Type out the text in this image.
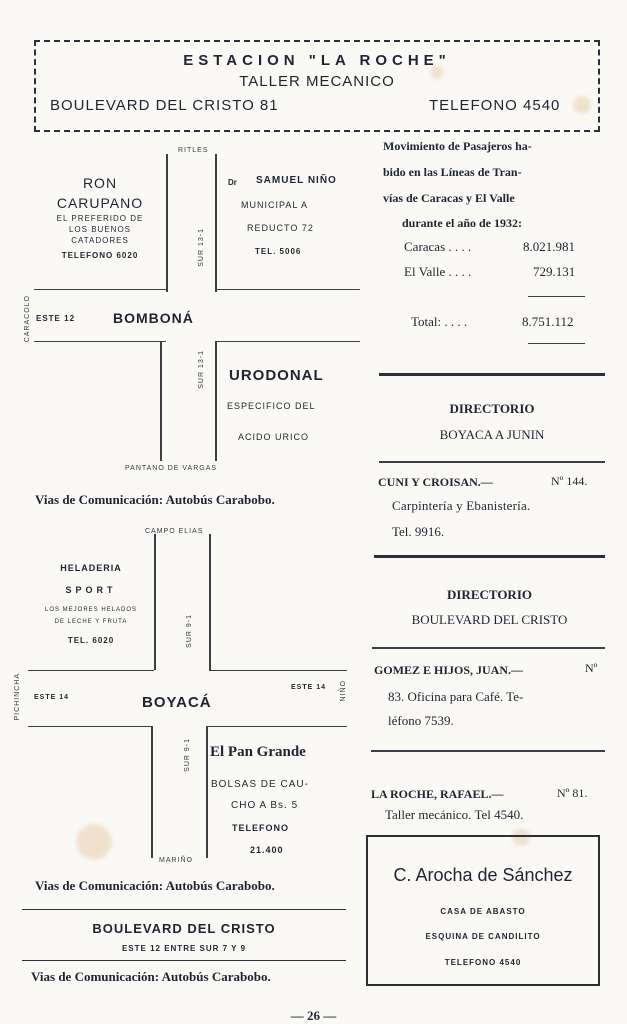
ESTACION "LA ROCHE"
TALLER MECANICO
BOULEVARD DEL CRISTO 81	TELEFONO 4540
RITLES
CARACOLO
SUR 13-1
SUR 13-1
PANTANO DE VARGAS
ESTE 12	BOMBONÁ
RON
CARUPANO
EL PREFERIDO DE
LOS BUENOS
CATADORES
TELEFONO 6020
Dr SAMUEL NIÑO
MUNICIPAL A
REDUCTO 72
TEL. 5006
URODONAL
ESPECIFICO DEL
ACIDO URICO
Vias de Comunicación: Autobús Carabobo.
CAMPO ELIAS
PICHINCHA	NIÑO
SUR 9-1
SUR 9-1
MARIÑO
ESTE 14
ESTE 14
BOYACÁ
HELADERIA
SPORT
LOS MEJORES HELADOS
DE LECHE Y FRUTA
TEL. 6020
El Pan Grande
BOLSAS DE CAU-
CHO A Bs. 5
TELEFONO
21.400
Vias de Comunicación: Autobús Carabobo.
BOULEVARD DEL CRISTO
ESTE 12 ENTRE SUR 7 Y 9
Vias de Comunicación: Autobús Carabobo.
Movimiento de Pasajeros ha-
bido en las Líneas de Tran-
vías de Caracas y El Valle
durante el año de 1932:
Caracas . . . .	8.021.981
El Valle . . . .	729.131
Total: . . . .	8.751.112
DIRECTORIO
BOYACA A JUNIN
CUNI Y CROISAN.—	Nº 144.
Carpintería y Ebanistería.
Tel. 9916.
DIRECTORIO
BOULEVARD DEL CRISTO
GOMEZ E HIJOS, JUAN.—	Nº
83. Oficina para Café. Te-
léfono 7539.
LA ROCHE, RAFAEL.—	Nº 81.
Taller mecánico. Tel 4540.
C. Arocha de Sánchez
CASA DE ABASTO
ESQUINA DE CANDILITO
TELEFONO 4540
— 26 —
